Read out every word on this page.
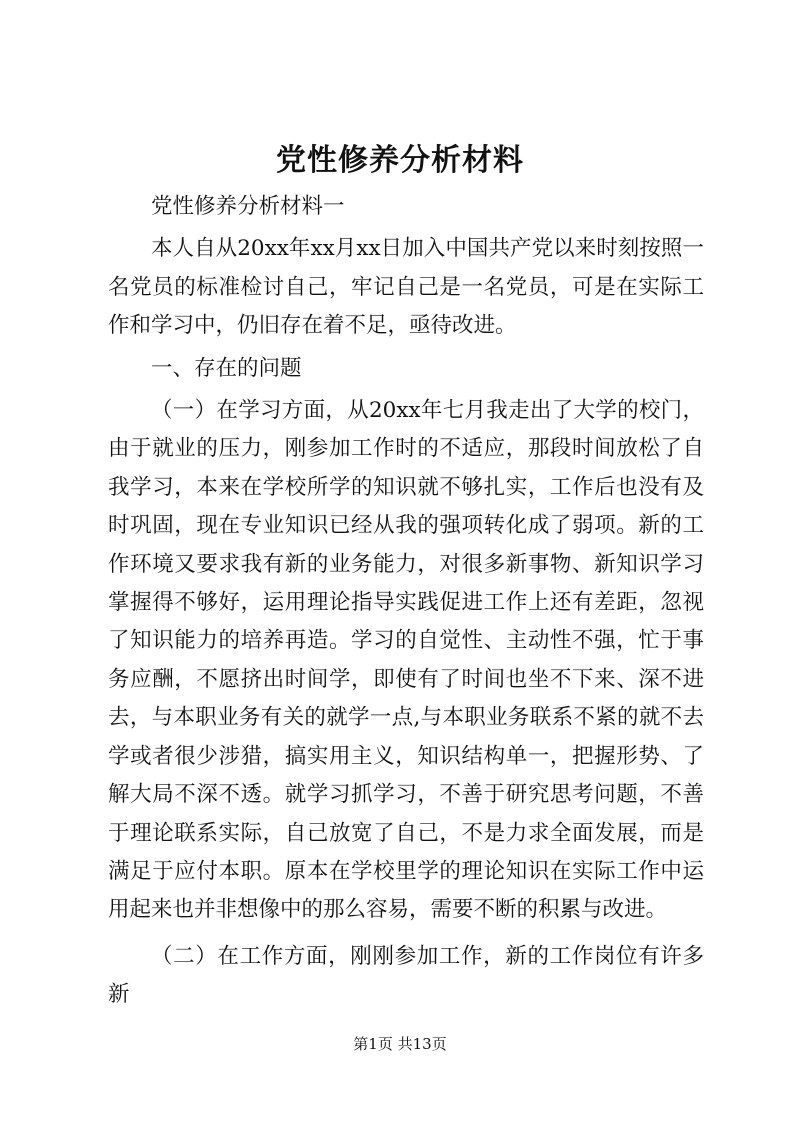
党性修养分析材料

党性修养分析材料一

本人自从20xx年xx月xx日加入中国共产党以来时刻按照一名党员的标准检讨自己，牢记自己是一名党员，可是在实际工作和学习中，仍旧存在着不足，亟待改进。

一、存在的问题

（一）在学习方面，从20xx年七月我走出了大学的校门，由于就业的压力，刚参加工作时的不适应，那段时间放松了自我学习，本来在学校所学的知识就不够扎实，工作后也没有及时巩固，现在专业知识已经从我的强项转化成了弱项。新的工作环境又要求我有新的业务能力，对很多新事物、新知识学习掌握得不够好，运用理论指导实践促进工作上还有差距，忽视了知识能力的培养再造。学习的自觉性、主动性不强，忙于事务应酬，不愿挤出时间学，即使有了时间也坐不下来、深不进去，与本职业务有关的就学一点,与本职业务联系不紧的就不去学或者很少涉猎，搞实用主义，知识结构单一，把握形势、了解大局不深不透。就学习抓学习，不善于研究思考问题，不善于理论联系实际，自己放宽了自己，不是力求全面发展，而是满足于应付本职。原本在学校里学的理论知识在实际工作中运用起来也并非想像中的那么容易，需要不断的积累与改进。

（二）在工作方面，刚刚参加工作，新的工作岗位有许多新

第1页 共13页
